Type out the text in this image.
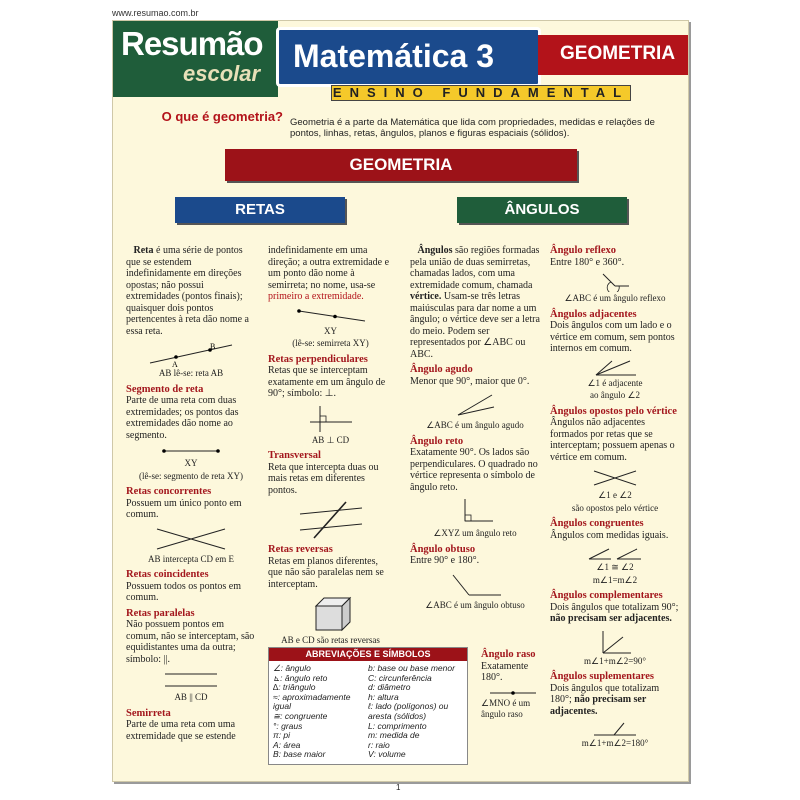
www.resumao.com.br
Resumão
escolar Matemática 3	GEOMETRIA
ENSINO FUNDAMENTAL
O que é geometria? Geometria é a parte da Matemática que lida com propriedades, medidas e relações de pontos, linhas, retas, ângulos, planos e figuras espaciais (sólidos).
GEOMETRIA
RETAS	ÂNGULOS

Reta é uma série de pontos que se estendem indefinidamente em direções opostas; não possui extremidades (pontos finais); quaisquer dois pontos pertencentes à reta dão nome a essa reta.

A
B
AB lê-se: reta AB
Segmento de reta

Parte de uma reta com duas extremidades; os pontos das extremidades dão nome ao segmento.

XY
(lê-se: segmento de reta XY)
Retas concorrentes

Possuem um único ponto em comum.

AB intercepta CD em E
Retas coincidentes

Possuem todos os pontos em comum.

Retas paralelas

Não possuem pontos em comum, não se interceptam, são equidistantes uma da outra; símbolo: ||.

AB || CD
Semirreta

Parte de uma reta com uma extremidade que se estende

indefinidamente em uma direção; a outra extremidade e um ponto dão nome à semirreta; no nome, usa-se primeiro a extremidade.

XY
(lê-se: semirreta XY)
Retas perpendiculares

Retas que se interceptam exatamente em um ângulo de 90°; símbolo: ⊥.

AB ⊥ CD
Transversal

Reta que intercepta duas ou mais retas em diferentes pontos.

Retas reversas

Retas em planos diferentes, que não são paralelas nem se interceptam.

AB e CD são retas reversas

Ângulos são regiões formadas pela união de duas semirretas, chamadas lados, com uma extremidade comum, chamada vértice. Usam-se três letras maiúsculas para dar nome a um ângulo; o vértice deve ser a letra do meio. Podem ser representados por ∠ABC ou ABC.

Ângulo agudo

Menor que 90°, maior que 0°.

∠ABC é um ângulo agudo
Ângulo reto

Exatamente 90°. Os lados são perpendiculares. O quadrado no vértice representa o símbolo de ângulo reto.

∠XYZ um ângulo reto
Ângulo obtuso

Entre 90° e 180°.

∠ABC é um ângulo obtuso
Ângulo raso

Exatamente 180°.

∠MNO é um ângulo raso

Ângulo reflexo

Entre 180° e 360°.

∠ABC é um ângulo reflexo
Ângulos adjacentes

Dois ângulos com um lado e o vértice em comum, sem pontos internos em comum.

∠1 é adjacente
ao ângulo ∠2
Ângulos opostos pelo vértice

Ângulos não adjacentes formados por retas que se interceptam; possuem apenas o vértice em comum.

∠1 e ∠2
são opostos pelo vértice
Ângulos congruentes

Ângulos com medidas iguais.

∠1 ≅ ∠2
m∠1=m∠2
Ângulos complementares

Dois ângulos que totalizam 90°; não precisam ser adjacentes.

m∠1+m∠2=90°
Ângulos suplementares

Dois ângulos que totalizam 180°; não precisam ser adjacentes.

m∠1+m∠2=180°
ABREVIAÇÕES E SÍMBOLOS
∠: ângulo
⊾: ângulo reto
∆: triângulo
≈: aproximadamente igual
≅: congruente
°: graus
π: pi
A: área
B: base maior
b: base ou base menor
C: circunferência
d: diâmetro
h: altura
ℓ: lado (polígonos) ou aresta (sólidos)
L: comprimento
m: medida de
r: raio
V: volume
1
